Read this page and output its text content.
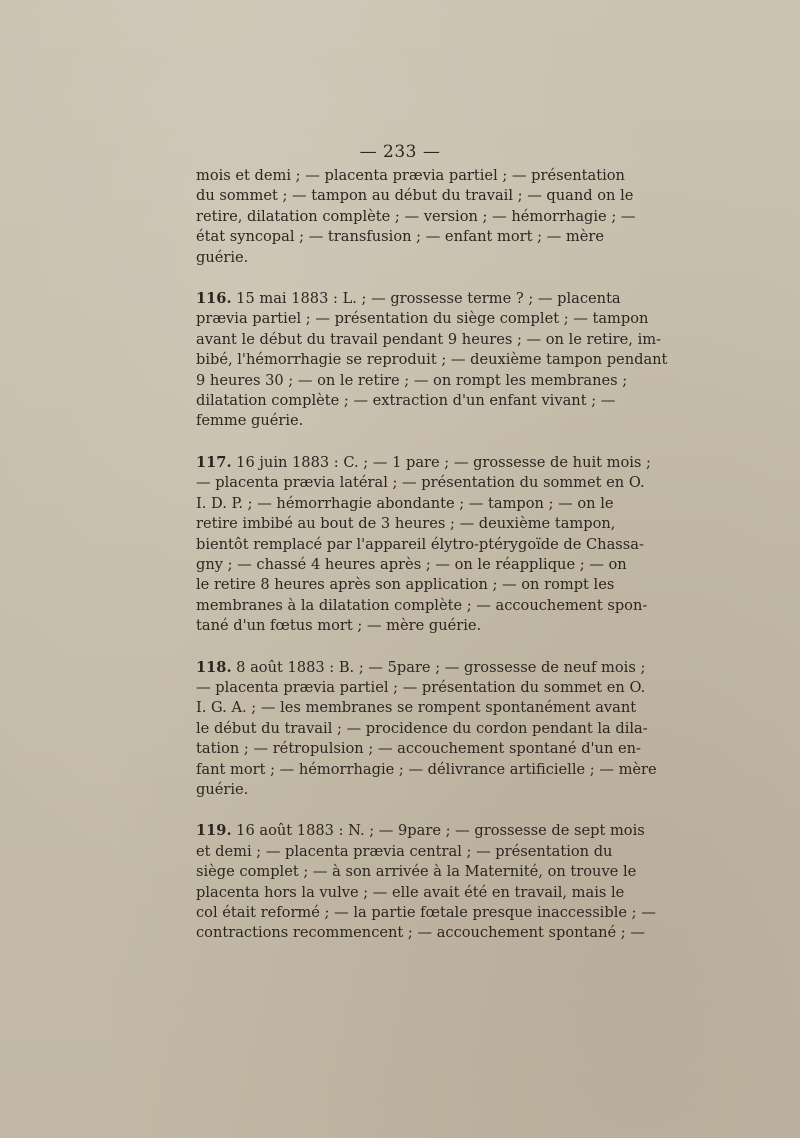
— 233 —
mois et demi ; — placenta prævia partiel ; — présentation
du sommet ; — tampon au début du travail ; — quand on le
retire, dilatation complète ; — version ; — hémorrhagie ; —
état syncopal ; — transfusion ; — enfant mort ; — mère
guérie.
116. 15 mai 1883 : L. ; — grossesse terme ? ; — placenta
prævia partiel ; — présentation du siège complet ; — tampon
avant le début du travail pendant 9 heures ; — on le retire, im-
bibé, l'hémorrhagie se reproduit ; — deuxième tampon pendant
9 heures 30 ; — on le retire ; — on rompt les membranes ;
dilatation complète ; — extraction d'un enfant vivant ; —
femme guérie.
117. 16 juin 1883 : C. ; — 1 pare ; — grossesse de huit mois ;
— placenta prævia latéral ; — présentation du sommet en O.
I. D. P. ; — hémorrhagie abondante ; — tampon ; — on le
retire imbibé au bout de 3 heures ; — deuxième tampon,
bientôt remplacé par l'appareil élytro-ptérygoïde de Chassa-
gny ; — chassé 4 heures après ; — on le réapplique ; — on
le retire 8 heures après son application ; — on rompt les
membranes à la dilatation complète ; — accouchement spon-
tané d'un fœtus mort ; — mère guérie.
118. 8 août 1883 : B. ; — 5pare ; — grossesse de neuf mois ;
— placenta prævia partiel ; — présentation du sommet en O.
I. G. A. ; — les membranes se rompent spontanément avant
le début du travail ; — procidence du cordon pendant la dila-
tation ; — rétropulsion ; — accouchement spontané d'un en-
fant mort ; — hémorrhagie ; — délivrance artificielle ; — mère
guérie.
119. 16 août 1883 : N. ; — 9pare ; — grossesse de sept mois
et demi ; — placenta prævia central ; — présentation du
siège complet ; — à son arrivée à la Maternité, on trouve le
placenta hors la vulve ; — elle avait été en travail, mais le
col était reformé ; — la partie fœtale presque inaccessible ; —
contractions recommencent ; — accouchement spontané ; —
